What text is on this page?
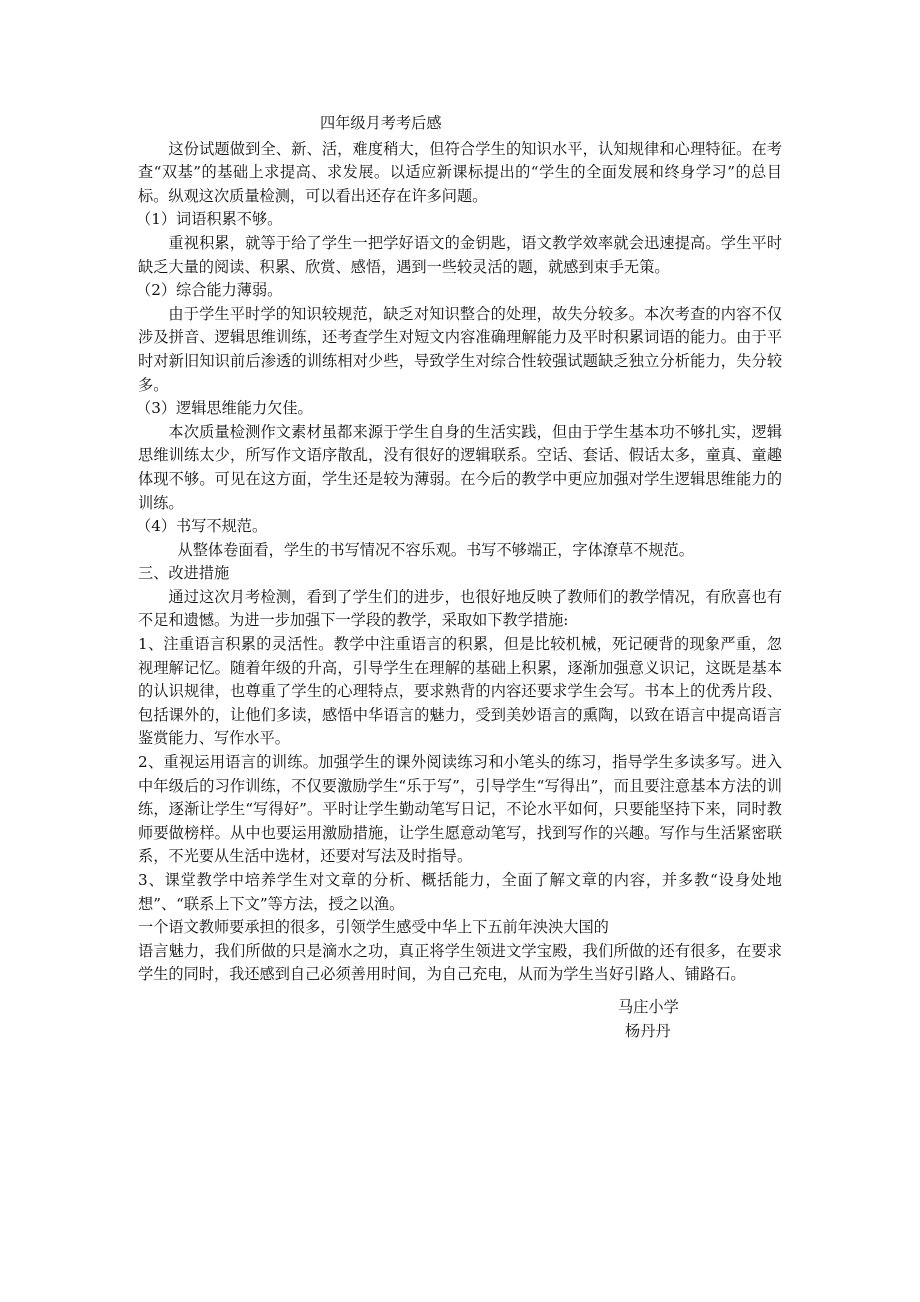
四年级月考考后感

这份试题做到全、新、活，难度稍大，但符合学生的知识水平，认知规律和心理特征。在考查“双基”的基础上求提高、求发展。以适应新课标提出的“学生的全面发展和终身学习”的总目标。纵观这次质量检测，可以看出还存在许多问题。

（1）词语积累不够。

重视积累，就等于给了学生一把学好语文的金钥匙，语文教学效率就会迅速提高。学生平时缺乏大量的阅读、积累、欣赏、感悟，遇到一些较灵活的题，就感到束手无策。

（2）综合能力薄弱。

由于学生平时学的知识较规范，缺乏对知识整合的处理，故失分较多。本次考查的内容不仅涉及拼音、逻辑思维训练，还考查学生对短文内容准确理解能力及平时积累词语的能力。由于平时对新旧知识前后渗透的训练相对少些，导致学生对综合性较强试题缺乏独立分析能力，失分较多。

（3）逻辑思维能力欠佳。

本次质量检测作文素材虽都来源于学生自身的生活实践，但由于学生基本功不够扎实，逻辑思维训练太少，所写作文语序散乱，没有很好的逻辑联系。空话、套话、假话太多，童真、童趣体现不够。可见在这方面，学生还是较为薄弱。在今后的教学中更应加强对学生逻辑思维能力的训练。

（4）书写不规范。

从整体卷面看，学生的书写情况不容乐观。书写不够端正，字体潦草不规范。

三、改进措施

通过这次月考检测，看到了学生们的进步，也很好地反映了教师们的教学情况，有欣喜也有不足和遗憾。为进一步加强下一学段的教学，采取如下教学措施:

1、注重语言积累的灵活性。教学中注重语言的积累，但是比较机械，死记硬背的现象严重，忽视理解记忆。随着年级的升高，引导学生在理解的基础上积累，逐渐加强意义识记，这既是基本的认识规律，也尊重了学生的心理特点，要求熟背的内容还要求学生会写。书本上的优秀片段、包括课外的，让他们多读，感悟中华语言的魅力，受到美妙语言的熏陶，以致在语言中提高语言鉴赏能力、写作水平。

2、重视运用语言的训练。加强学生的课外阅读练习和小笔头的练习，指导学生多读多写。进入中年级后的习作训练，不仅要激励学生“乐于写”，引导学生“写得出”，而且要注意基本方法的训练，逐渐让学生“写得好”。平时让学生勤动笔写日记，不论水平如何，只要能坚持下来，同时教师要做榜样。从中也要运用激励措施，让学生愿意动笔写，找到写作的兴趣。写作与生活紧密联系，不光要从生活中选材，还要对写法及时指导。

3、课堂教学中培养学生对文章的分析、概括能力，全面了解文章的内容，并多教“设身处地想”、“联系上下文”等方法，授之以渔。

一个语文教师要承担的很多，引领学生感受中华上下五前年泱泱大国的

语言魅力，我们所做的只是滴水之功，真正将学生领进文学宝殿，我们所做的还有很多，在要求学生的同时，我还感到自己必须善用时间，为自己充电，从而为学生当好引路人、铺路石。

马庄小学
杨丹丹
